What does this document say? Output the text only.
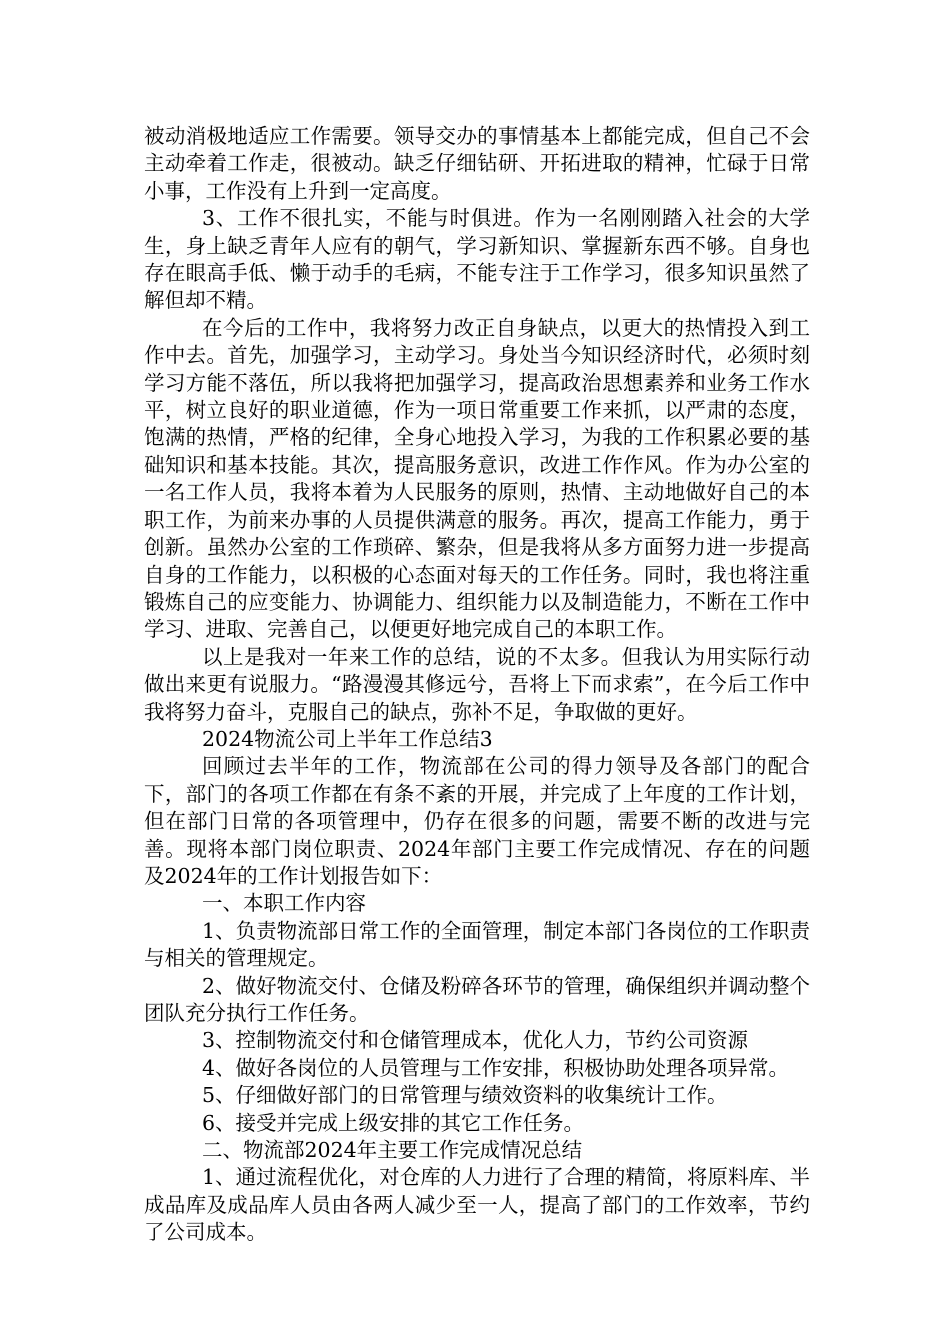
被动消极地适应工作需要。领导交办的事情基本上都能完成，但自己不会主动牵着工作走，很被动。缺乏仔细钻研、开拓进取的精神，忙碌于日常小事，工作没有上升到一定高度。

3、工作不很扎实，不能与时俱进。作为一名刚刚踏入社会的大学生，身上缺乏青年人应有的朝气，学习新知识、掌握新东西不够。自身也存在眼高手低、懒于动手的毛病，不能专注于工作学习，很多知识虽然了解但却不精。

在今后的工作中，我将努力改正自身缺点，以更大的热情投入到工作中去。首先，加强学习，主动学习。身处当今知识经济时代，必须时刻学习方能不落伍，所以我将把加强学习，提高政治思想素养和业务工作水平，树立良好的职业道德，作为一项日常重要工作来抓，以严肃的态度，饱满的热情，严格的纪律，全身心地投入学习，为我的工作积累必要的基础知识和基本技能。其次，提高服务意识，改进工作作风。作为办公室的一名工作人员，我将本着为人民服务的原则，热情、主动地做好自己的本职工作，为前来办事的人员提供满意的服务。再次，提高工作能力，勇于创新。虽然办公室的工作琐碎、繁杂，但是我将从多方面努力进一步提高自身的工作能力，以积极的心态面对每天的工作任务。同时，我也将注重锻炼自己的应变能力、协调能力、组织能力以及制造能力，不断在工作中学习、进取、完善自己，以便更好地完成自己的本职工作。

以上是我对一年来工作的总结，说的不太多。但我认为用实际行动做出来更有说服力。“路漫漫其修远兮，吾将上下而求索”，在今后工作中我将努力奋斗，克服自己的缺点，弥补不足，争取做的更好。

2024物流公司上半年工作总结3

回顾过去半年的工作，物流部在公司的得力领导及各部门的配合下，部门的各项工作都在有条不紊的开展，并完成了上年度的工作计划，但在部门日常的各项管理中，仍存在很多的问题，需要不断的改进与完善。现将本部门岗位职责、2024年部门主要工作完成情况、存在的问题及2024年的工作计划报告如下：

一、本职工作内容

1、负责物流部日常工作的全面管理，制定本部门各岗位的工作职责与相关的管理规定。

2、做好物流交付、仓储及粉碎各环节的管理，确保组织并调动整个团队充分执行工作任务。

3、控制物流交付和仓储管理成本，优化人力，节约公司资源

4、做好各岗位的人员管理与工作安排，积极协助处理各项异常。

5、仔细做好部门的日常管理与绩效资料的收集统计工作。

6、接受并完成上级安排的其它工作任务。

二、物流部2024年主要工作完成情况总结

1、通过流程优化，对仓库的人力进行了合理的精简，将原料库、半成品库及成品库人员由各两人减少至一人，提高了部门的工作效率，节约了公司成本。
